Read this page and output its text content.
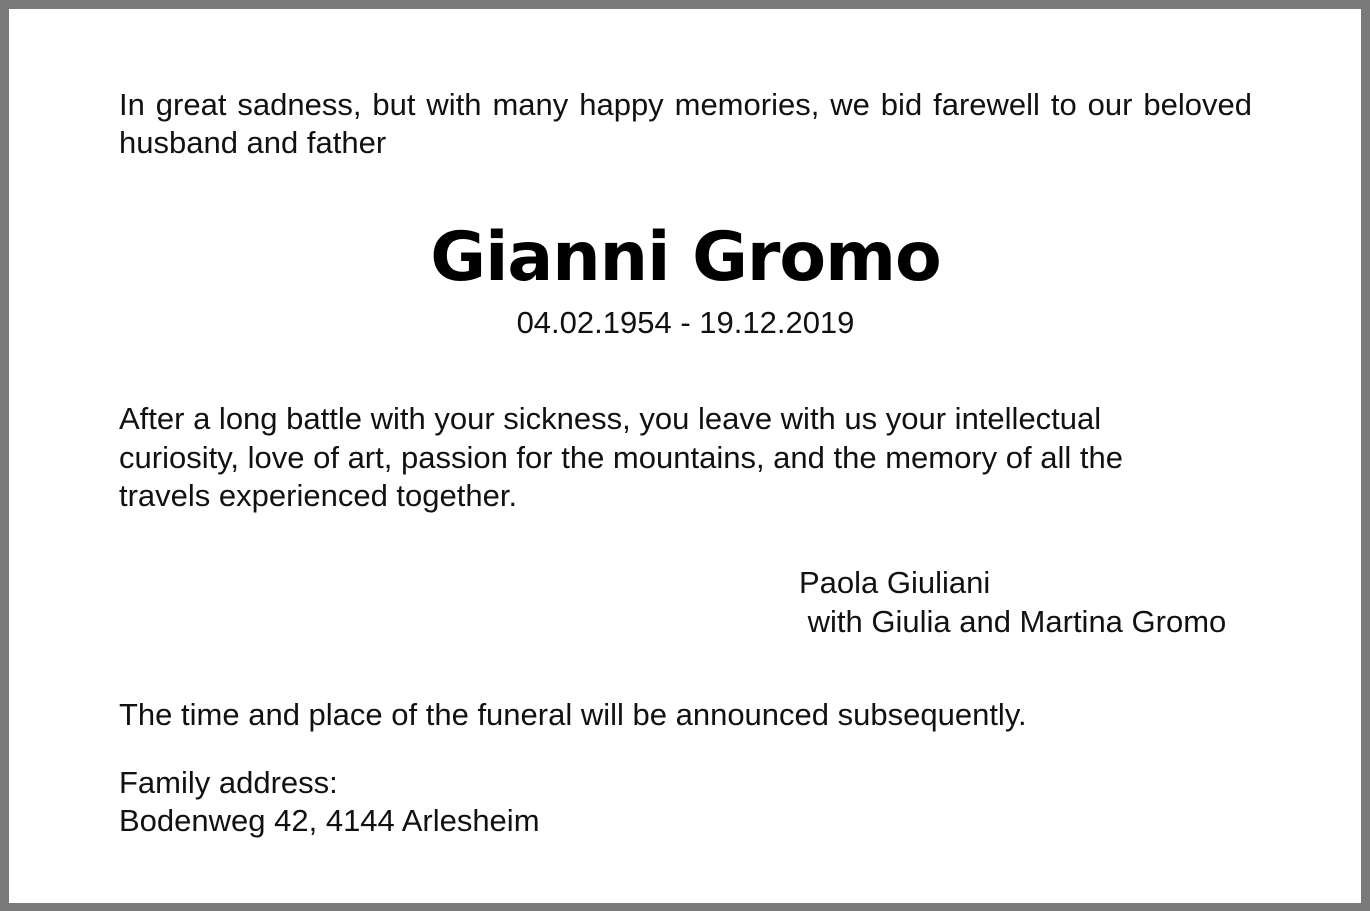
In great sadness, but with many happy memories, we bid farewell to our beloved husband and father

Gianni Gromo
04.02.1954 - 19.12.2019

After a long battle with your sickness, you leave with us your intellectual curiosity, love of art, passion for the mountains, and the memory of all the travels experienced together.

Paola Giuliani
with Giulia and Martina Gromo

The time and place of the funeral will be announced subsequently.

Family address:
Bodenweg 42, 4144 Arlesheim
